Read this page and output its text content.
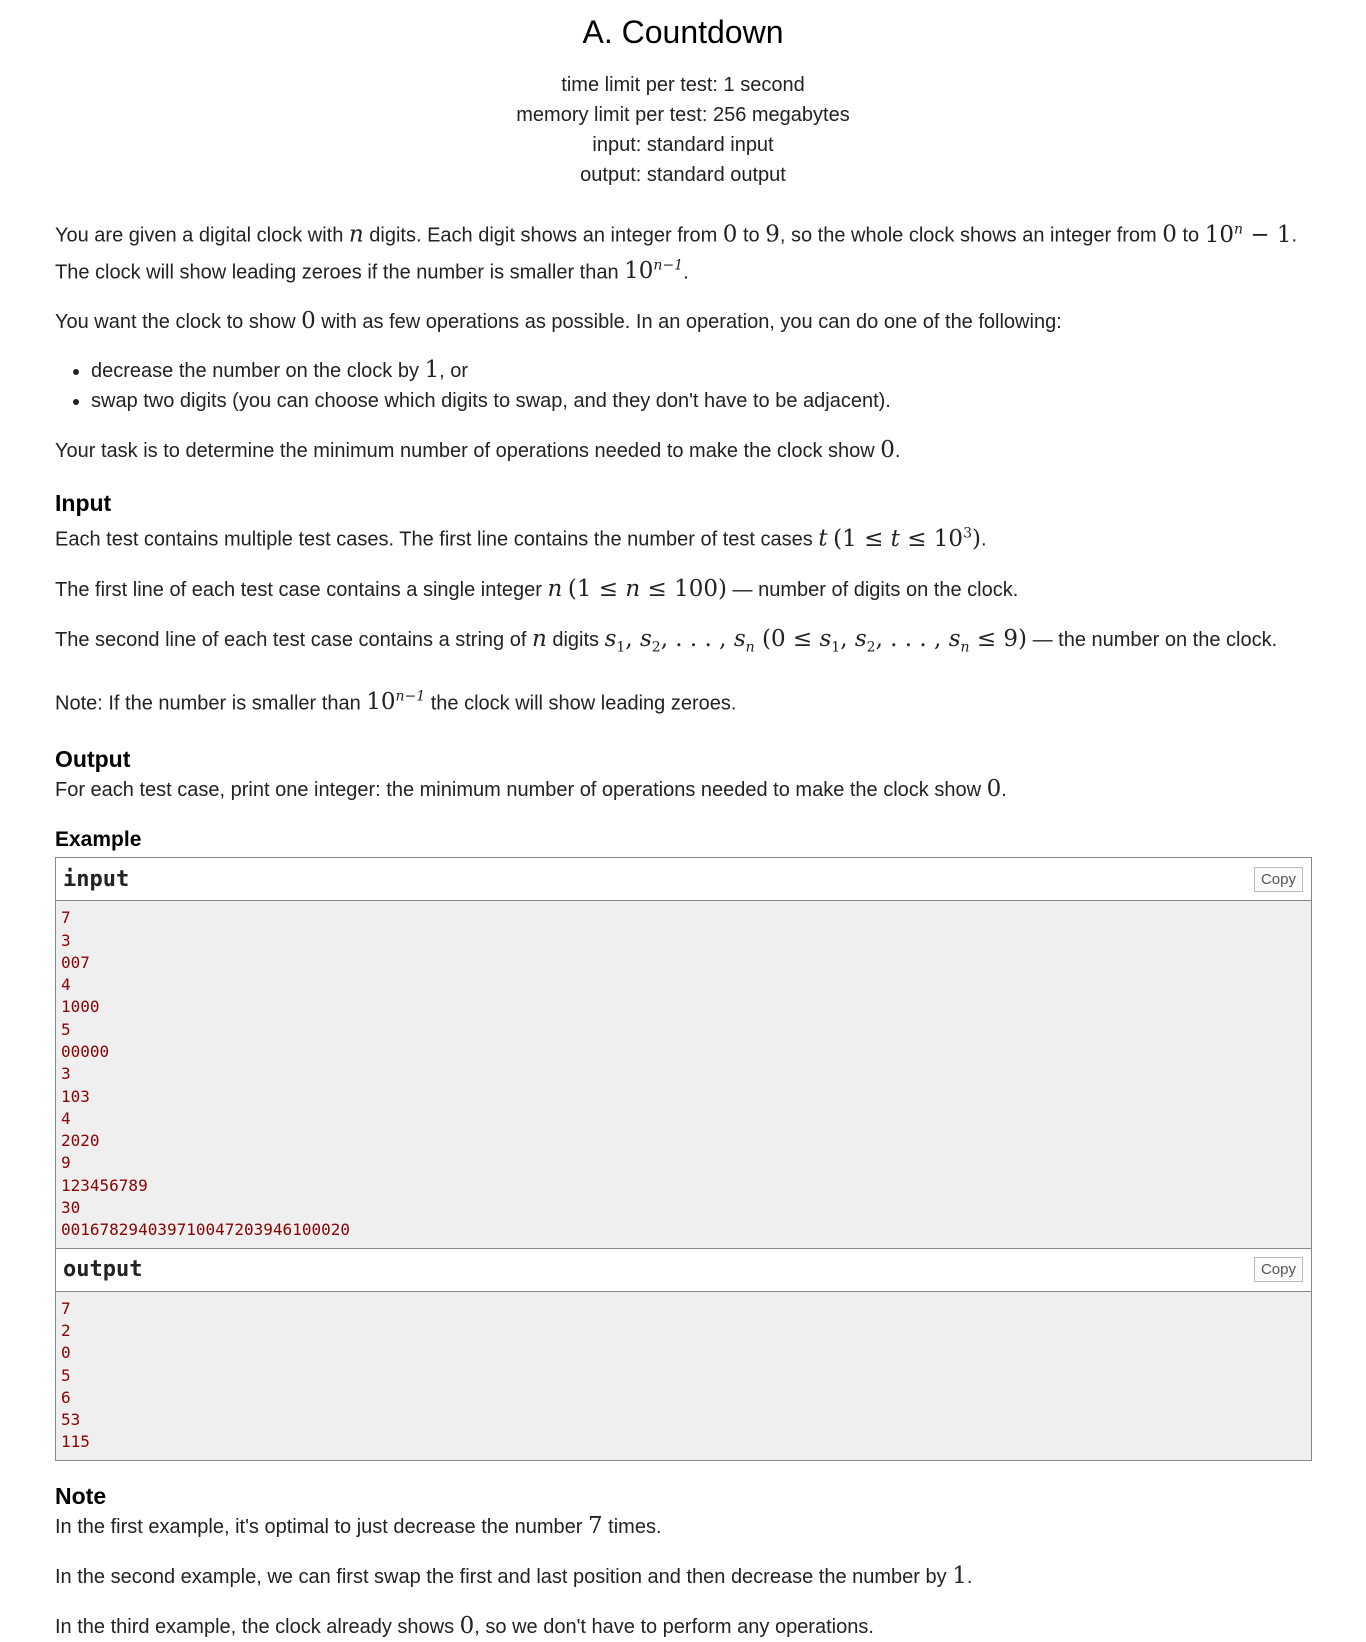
A. Countdown
time limit per test: 1 second
memory limit per test: 256 megabytes
input: standard input
output: standard output

You are given a digital clock with n digits. Each digit shows an integer from 0 to 9, so the whole clock shows an integer from 0 to $10^n - 1$.
The clock will show leading zeroes if the number is smaller than $10^{n-1}$.

You want the clock to show 0 with as few operations as possible. In an operation, you can do one of the following:

• decrease the number on the clock by 1, or
• swap two digits (you can choose which digits to swap, and they don't have to be adjacent).

Your task is to determine the minimum number of operations needed to make the clock show 0.

Input

Each test contains multiple test cases. The first line contains the number of test cases t $(1 \le t \le 10^3)$.

The first line of each test case contains a single integer n (1 ≤ n ≤ 100) — number of digits on the clock.

The second line of each test case contains a string of n digits $s_1$, $s_2$, . . . , $s_n$ ($0 \le s_1$, $s_2$, . . . , $s_n \le 9$) — the number on the clock.

Note: If the number is smaller than $10^{n-1}$ the clock will show leading zeroes.

Output

For each test case, print one integer: the minimum number of operations needed to make the clock show 0.

Example
input	Copy
7
3
007
4
1000
5
00000
3
103
4
2020
9
123456789
30
001678294039710047203946100020
output	Copy
7
2
0
5
6
53
115
Note

In the first example, it's optimal to just decrease the number 7 times.

In the second example, we can first swap the first and last position and then decrease the number by 1.

In the third example, the clock already shows 0, so we don't have to perform any operations.
